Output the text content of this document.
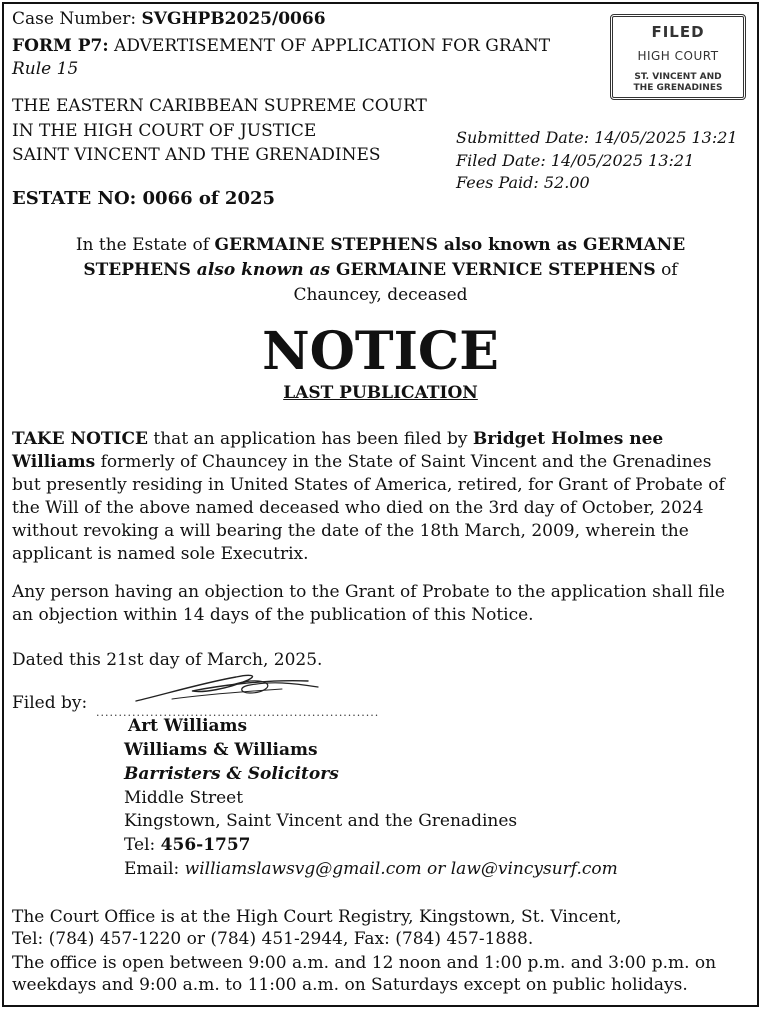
Case Number: SVGHPB2025/0066
FORM P7: ADVERTISEMENT OF APPLICATION FOR GRANT
Rule 15
THE EASTERN CARIBBEAN SUPREME COURT
IN THE HIGH COURT OF JUSTICE
SAINT VINCENT AND THE GRENADINES
Submitted Date: 14/05/2025 13:21
Filed Date: 14/05/2025 13:21
Fees Paid: 52.00
ESTATE NO: 0066 of 2025
FILED
HIGH COURT
ST. VINCENT AND
THE GRENADINES
In the Estate of GERMAINE STEPHENS also known as GERMANE
STEPHENS also known as GERMAINE VERNICE STEPHENS of
Chauncey, deceased
NOTICE
LAST PUBLICATION
TAKE NOTICE that an application has been filed by Bridget Holmes nee
Williams formerly of Chauncey in the State of Saint Vincent and the Grenadines
but presently residing in United States of America, retired, for Grant of Probate of
the Will of the above named deceased who died on the 3rd day of October, 2024
without revoking a will bearing the date of the 18th March, 2009, wherein the
applicant is named sole Executrix.
Any person having an objection to the Grant of Probate to the application shall file
an objection within 14 days of the publication of this Notice.
Dated this 21st day of March, 2025.
Filed by: ...............................................................
Art Williams
Williams & Williams
Barristers & Solicitors
Middle Street
Kingstown, Saint Vincent and the Grenadines
Tel: 456-1757
Email: williamslawsvg@gmail.com or law@vincysurf.com
The Court Office is at the High Court Registry, Kingstown, St. Vincent,
Tel: (784) 457-1220 or (784) 451-2944, Fax: (784) 457-1888.
The office is open between 9:00 a.m. and 12 noon and 1:00 p.m. and 3:00 p.m. on
weekdays and 9:00 a.m. to 11:00 a.m. on Saturdays except on public holidays.
